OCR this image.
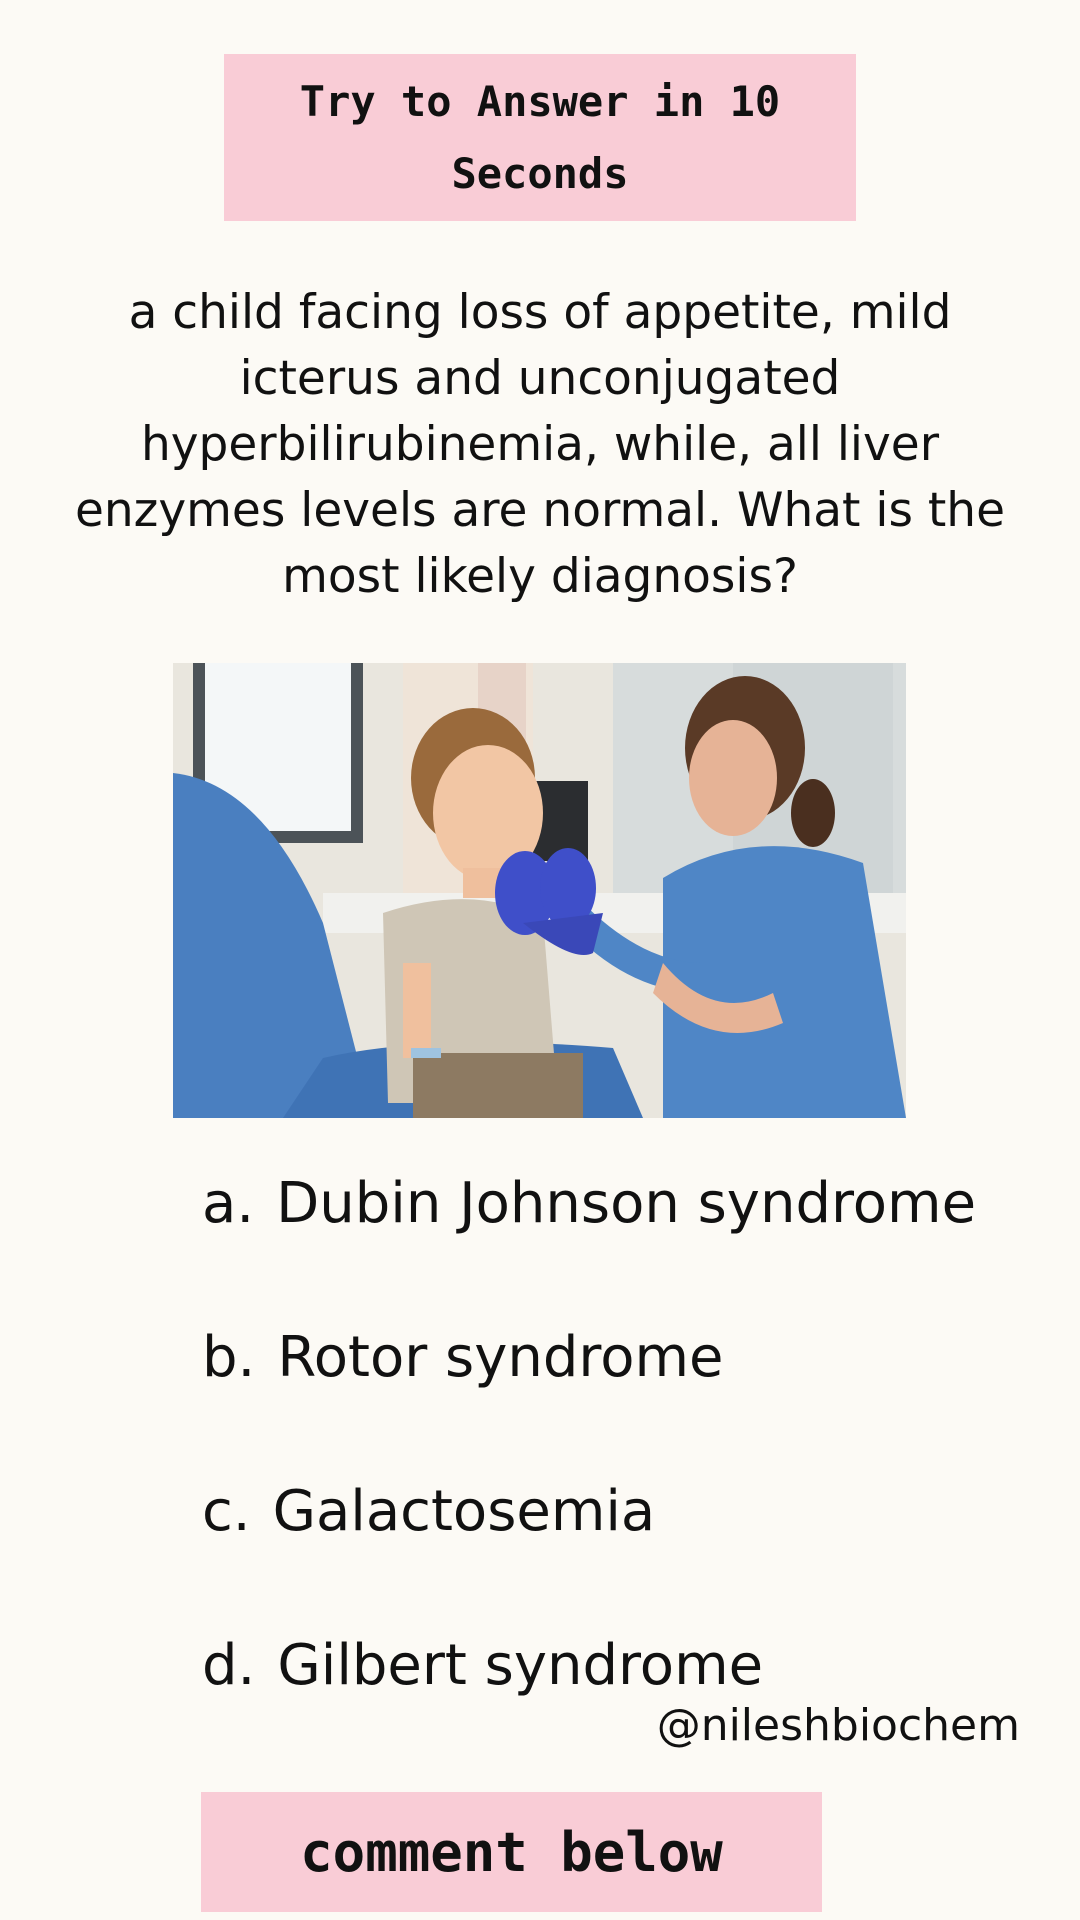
Try to Answer in 10 Seconds
a child facing loss of appetite, mild icterus and unconjugated hyperbilirubinemia, while, all liver enzymes levels are normal. What is the most likely diagnosis?
a. Dubin Johnson syndrome
b. Rotor syndrome
c. Galactosemia
d. Gilbert syndrome
@nileshbiochem
comment below
